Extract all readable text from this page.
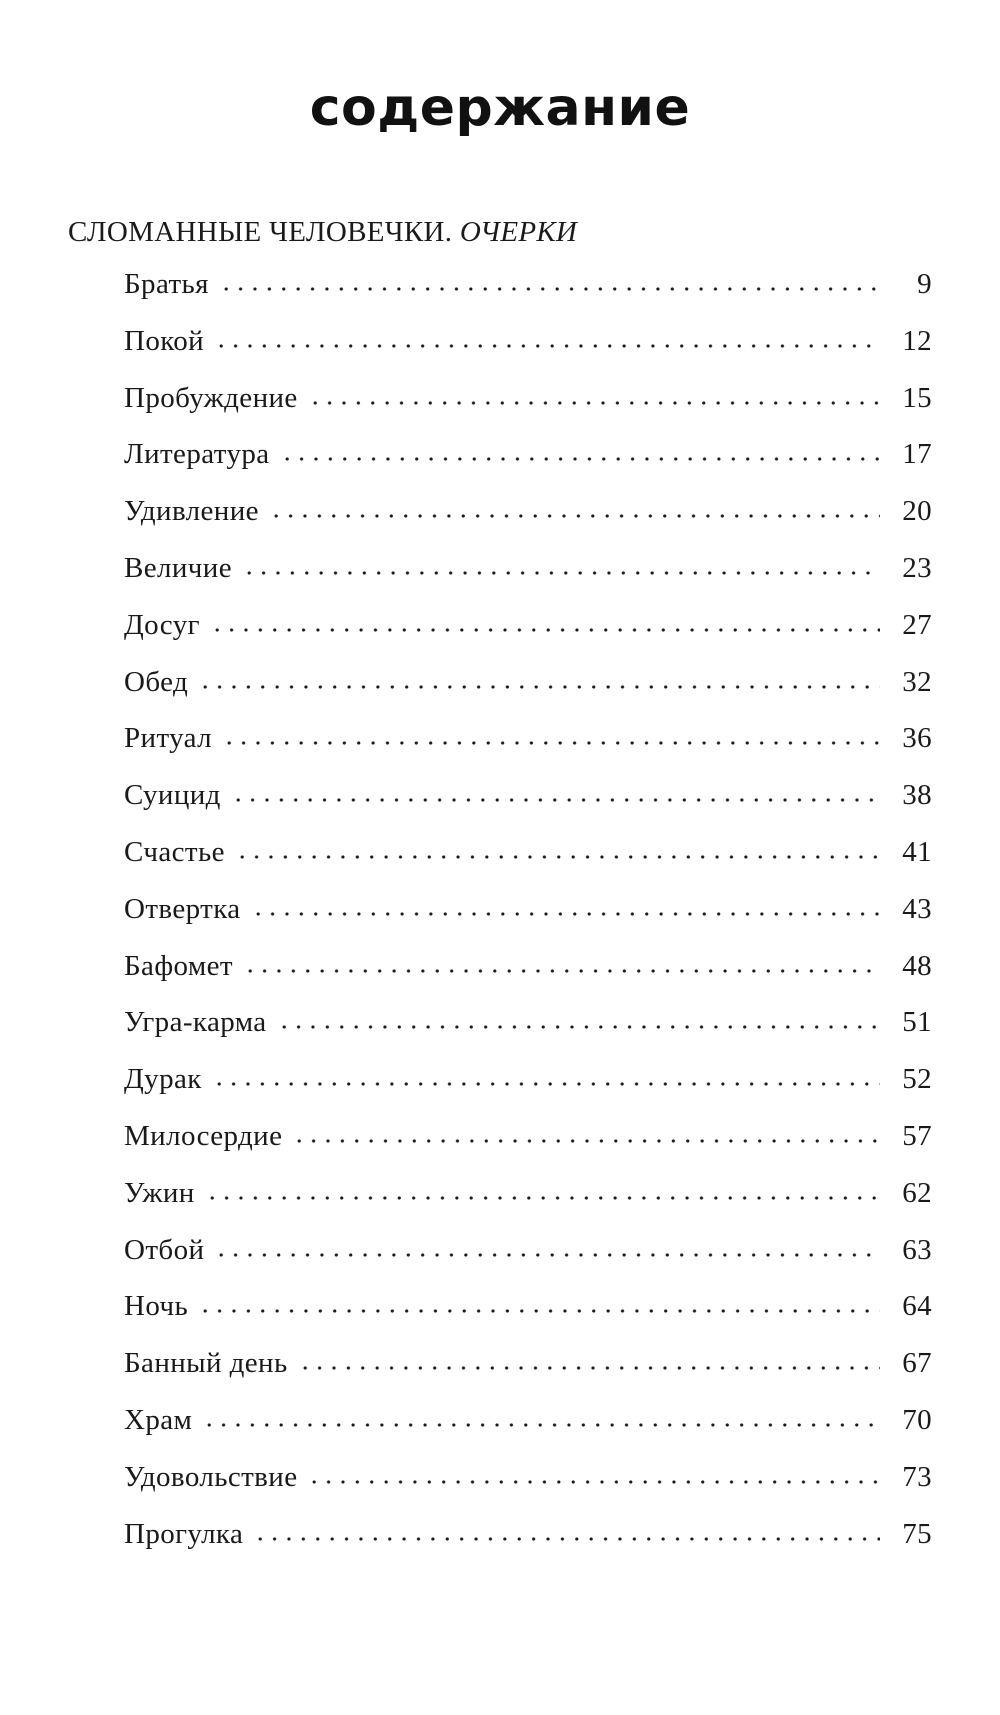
содержание
СЛОМАННЫЕ ЧЕЛОВЕЧКИ. ОЧЕРКИ
Братья	9
Покой	12
Пробуждение	15
Литература	17
Удивление	20
Величие	23
Досуг	27
Обед	32
Ритуал	36
Суицид	38
Счастье	41
Отвертка	43
Бафомет	48
Угра-карма	51
Дурак	52
Милосердие	57
Ужин	62
Отбой	63
Ночь	64
Банный день	67
Храм	70
Удовольствие	73
Прогулка	75
